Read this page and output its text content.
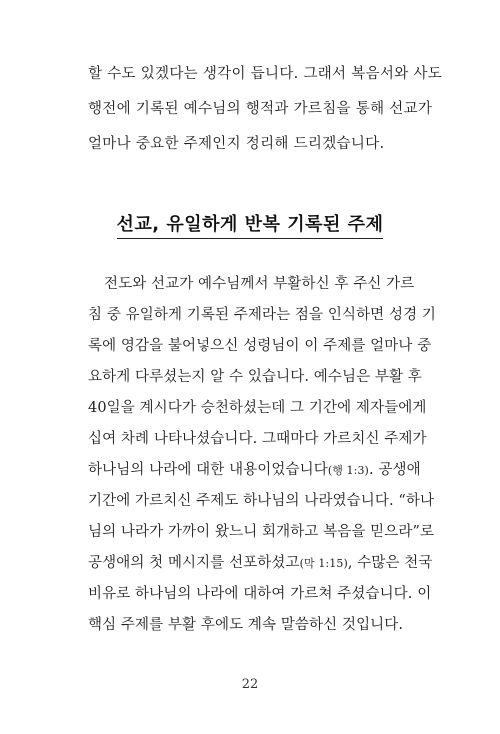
할 수도 있겠다는 생각이 듭니다. 그래서 복음서와 사도
행전에 기록된 예수님의 행적과 가르침을 통해 선교가
얼마나 중요한 주제인지 정리해 드리겠습니다.
선교, 유일하게 반복 기록된 주제
전도와 선교가 예수님께서 부활하신 후 주신 가르
침 중 유일하게 기록된 주제라는 점을 인식하면 성경 기
록에 영감을 불어넣으신 성령님이 이 주제를 얼마나 중
요하게 다루셨는지 알 수 있습니다. 예수님은 부활 후
40일을 계시다가 승천하셨는데 그 기간에 제자들에게
십여 차례 나타나셨습니다. 그때마다 가르치신 주제가
하나님의 나라에 대한 내용이었습니다(행 1:3). 공생애
기간에 가르치신 주제도 하나님의 나라였습니다. “하나
님의 나라가 가까이 왔느니 회개하고 복음을 믿으라”로
공생애의 첫 메시지를 선포하셨고(막 1:15), 수많은 천국
비유로 하나님의 나라에 대하여 가르쳐 주셨습니다. 이
핵심 주제를 부활 후에도 계속 말씀하신 것입니다.
22
